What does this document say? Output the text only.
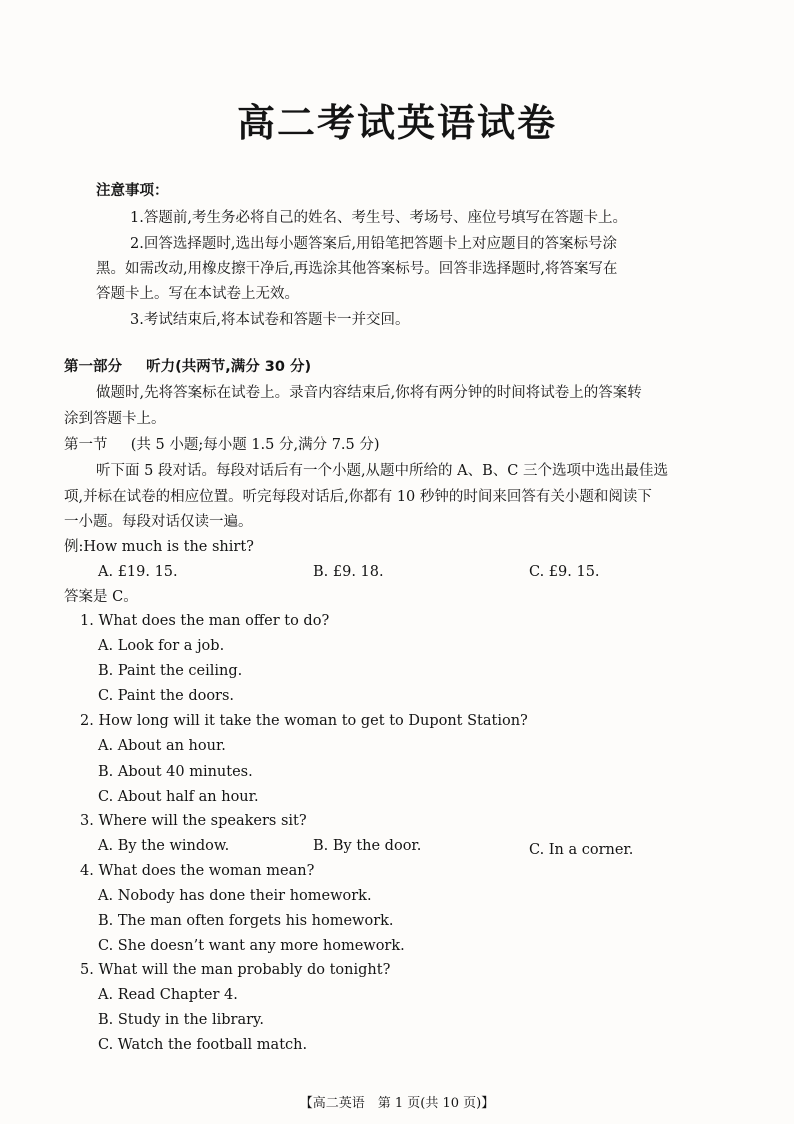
高二考试英语试卷
注意事项：
1.答题前,考生务必将自己的姓名、考生号、考场号、座位号填写在答题卡上。
2.回答选择题时,选出每小题答案后,用铅笔把答题卡上对应题目的答案标号涂
黑。如需改动,用橡皮擦干净后,再选涂其他答案标号。回答非选择题时,将答案写在
答题卡上。写在本试卷上无效。
3.考试结束后,将本试卷和答题卡一并交回。
第一部分 听力(共两节,满分 30 分)
做题时,先将答案标在试卷上。录音内容结束后,你将有两分钟的时间将试卷上的答案转
涂到答题卡上。
第一节 (共 5 小题;每小题 1.5 分,满分 7.5 分)
听下面 5 段对话。每段对话后有一个小题,从题中所给的 A、B、C 三个选项中选出最佳选
项,并标在试卷的相应位置。听完每段对话后,你都有 10 秒钟的时间来回答有关小题和阅读下
一小题。每段对话仅读一遍。
例:How much is the shirt?
A. £19. 15.	B. £9. 18.	C. £9. 15.
答案是 C。
1. What does the man offer to do?
A. Look for a job.
B. Paint the ceiling.
C. Paint the doors.
2. How long will it take the woman to get to Dupont Station?
A. About an hour.
B. About 40 minutes.
C. About half an hour.
3. Where will the speakers sit?
A. By the window.	B. By the door.	C. In a corner.
4. What does the woman mean?
A. Nobody has done their homework.
B. The man often forgets his homework.
C. She doesn’t want any more homework.
5. What will the man probably do tonight?
A. Read Chapter 4.
B. Study in the library.
C. Watch the football match.
【高二英语　第 1 页(共 10 页)】
